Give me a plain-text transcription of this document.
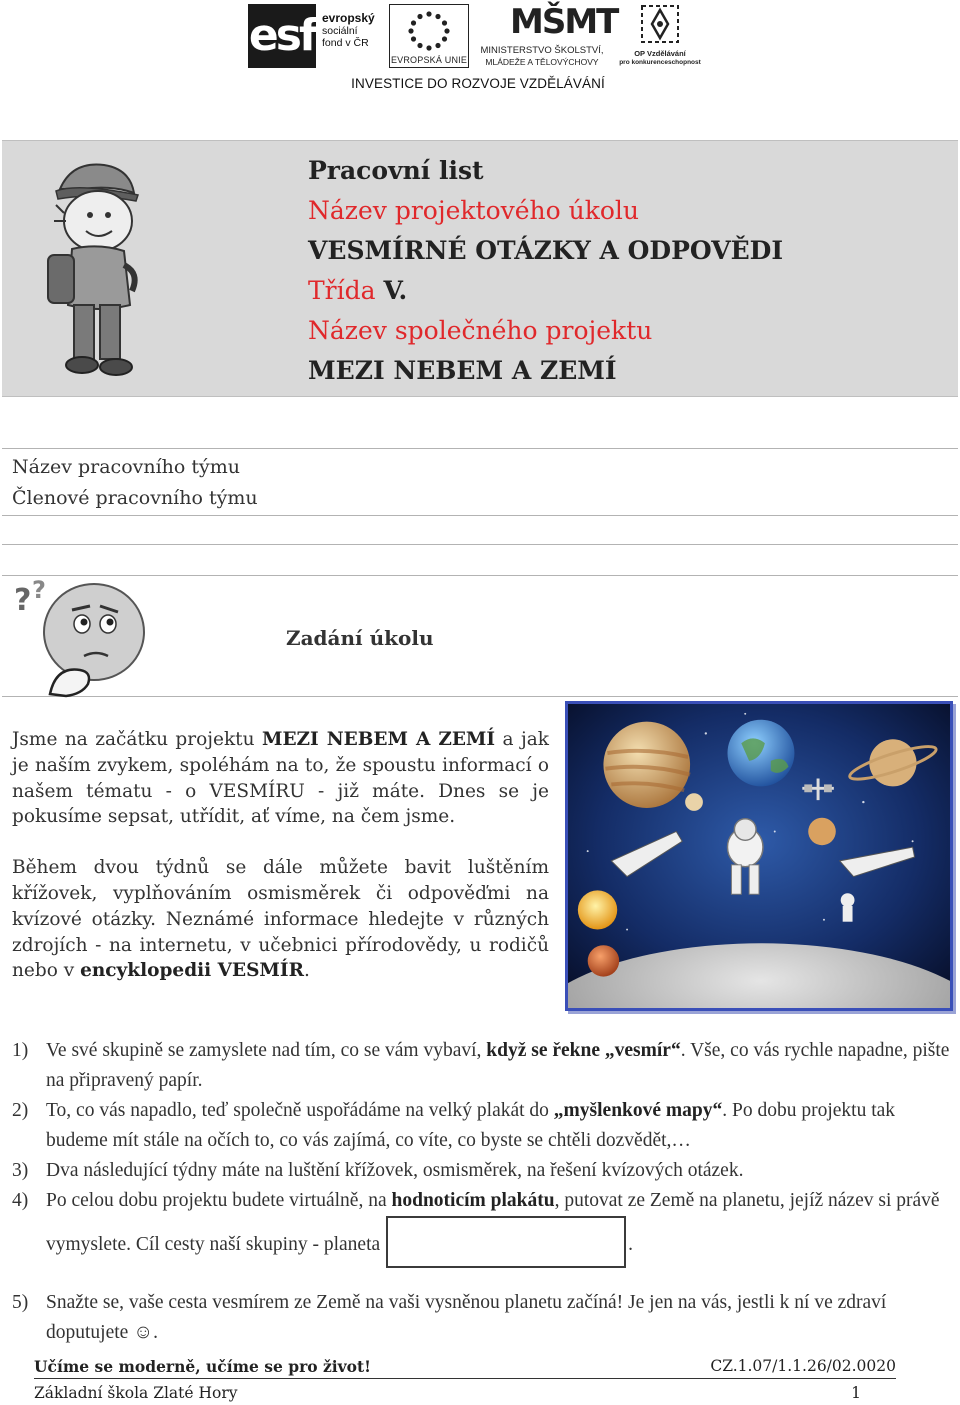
esf evropský
sociální
fond v ČR
EVROPSKÁ UNIE
MŠMT
MINISTERSTVO ŠKOLSTVÍ,
MLÁDEŽE A TĚLOVÝCHOVY
OP Vzdělávání
pro konkurenceschopnost
INVESTICE DO ROZVOJE VZDĚLÁVÁNÍ
Pracovní list
Název projektového úkolu
VESMÍRNÉ OTÁZKY A ODPOVĚDI
Třída V.
Název společného projektu
MEZI NEBEM A ZEMÍ
Název pracovního týmu
Členové pracovního týmu
? ?
Zadání úkolu

Jsme na začátku projektu MEZI NEBEM A ZEMÍ a jak je naším zvykem, spoléhám na to, že spoustu informací o našem tématu - o VESMÍRU - již máte. Dnes se je pokusíme sepsat, utřídit, ať víme, na čem jsme.

Během dvou týdnů se dále můžete bavit luštěním křížovek, vyplňováním osmisměrek či odpověďmi na kvízové otázky. Neznámé informace hledejte v různých zdrojích - na internetu, v učebnici přírodovědy, u rodičů nebo v encyklopedii VESMÍR.

1) Ve své skupině se zamyslete nad tím, co se vám vybaví, když se řekne „vesmír“. Vše, co vás rychle napadne, pište na připravený papír.
2) To, co vás napadlo, teď společně uspořádáme na velký plakát do „myšlenkové mapy“. Po dobu projektu tak budeme mít stále na očích to, co vás zajímá, co víte, co byste se chtěli dozvědět,…
3) Dva následující týdny máte na luštění křížovek, osmisměrek, na řešení kvízových otázek.
4) Po celou dobu projektu budete virtuálně, na hodnoticím plakátu, putovat ze Země na planetu, jejíž název si právě vymyslete. Cíl cesty naší skupiny - planeta	.
5) Snažte se, vaše cesta vesmírem ze Země na vaši vysněnou planetu začíná! Je jen na vás, jestli k ní ve zdraví doputujete ☺.
Učíme se moderně, učíme se pro život!	CZ.1.07/1.1.26/02.0020
Základní škola Zlaté Hory	1
